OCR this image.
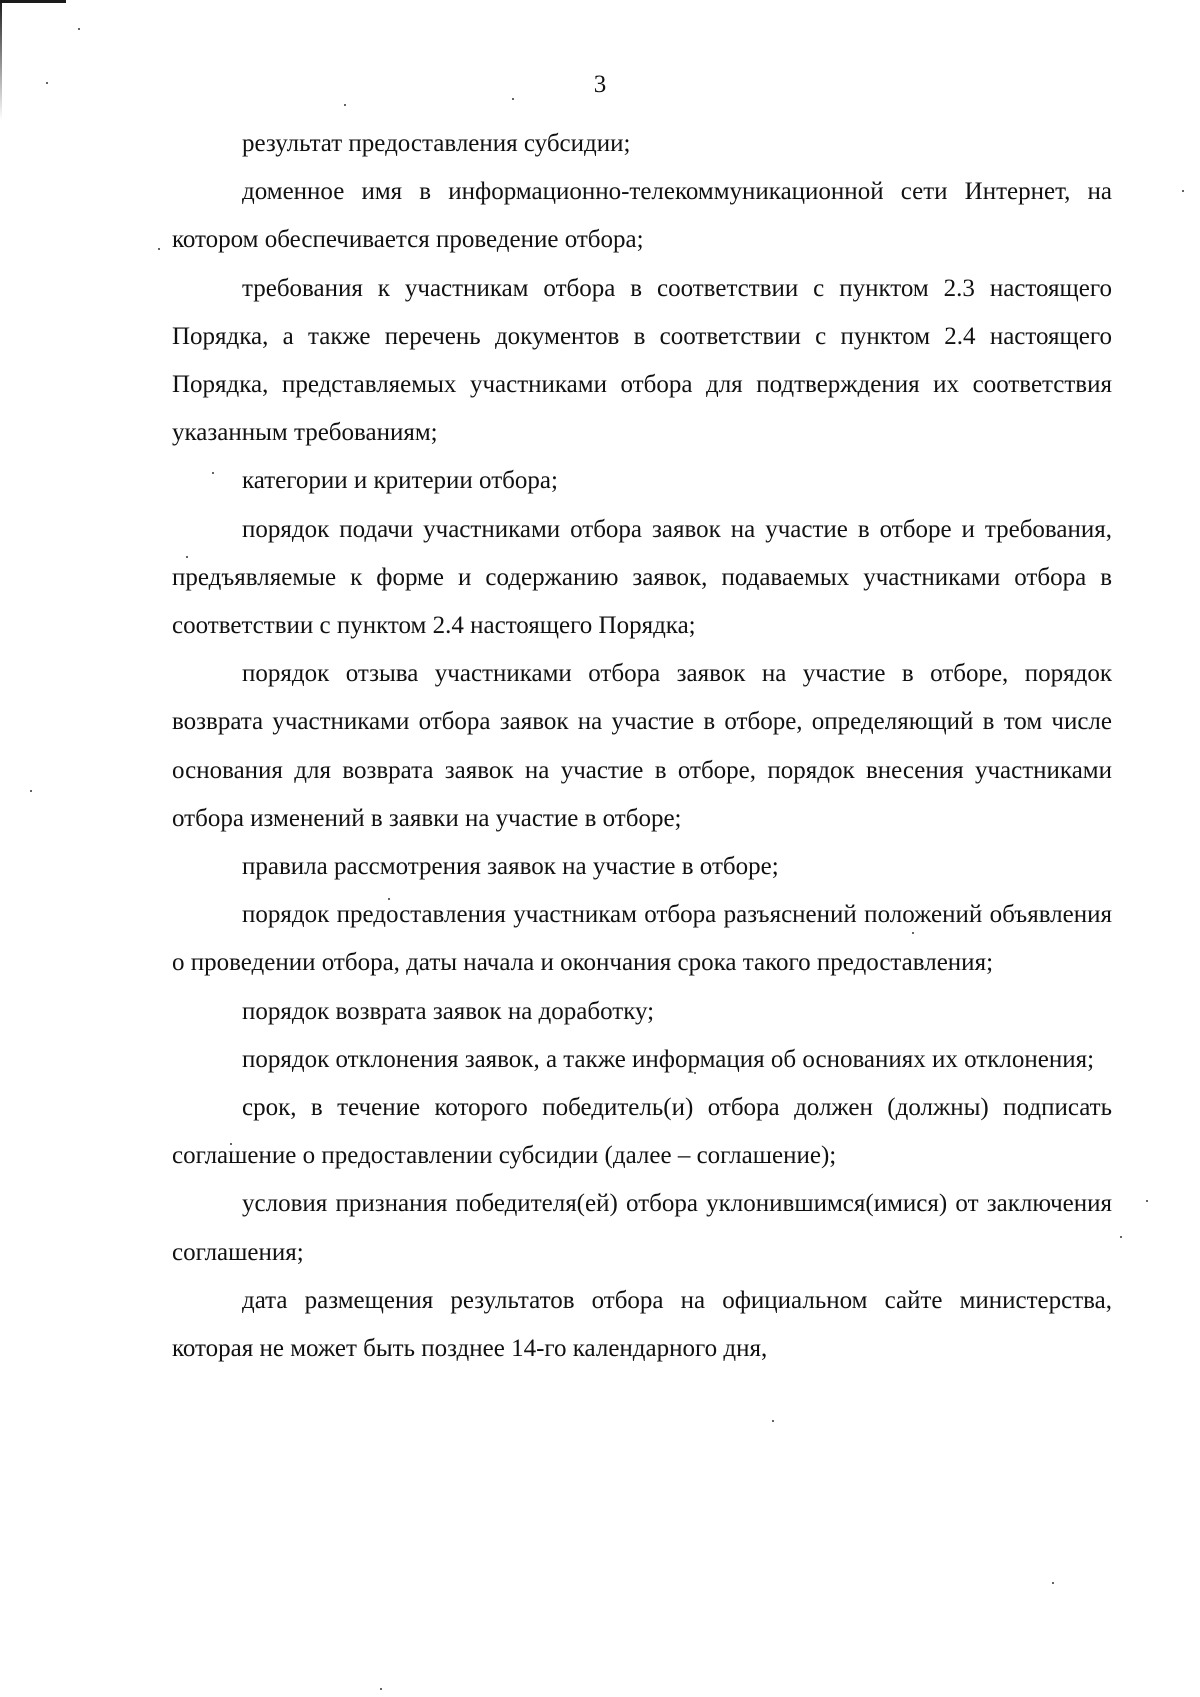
3

результат предоставления субсидии;

доменное имя в информационно-телекоммуникационной сети Интернет, на котором обеспечивается проведение отбора;

требования к участникам отбора в соответствии с пунктом 2.3 настоящего Порядка, а также перечень документов в соответствии с пунктом 2.4 настоящего Порядка, представляемых участниками отбора для подтверждения их соответствия указанным требованиям;

категории и критерии отбора;

порядок подачи участниками отбора заявок на участие в отборе и требования, предъявляемые к форме и содержанию заявок, подаваемых участниками отбора в соответствии с пунктом 2.4 настоящего Порядка;

порядок отзыва участниками отбора заявок на участие в отборе, порядок возврата участниками отбора заявок на участие в отборе, определяющий в том числе основания для возврата заявок на участие в отборе, порядок внесения участниками отбора изменений в заявки на участие в отборе;

правила рассмотрения заявок на участие в отборе;

порядок предоставления участникам отбора разъяснений положений объявления о проведении отбора, даты начала и окончания срока такого предоставления;

порядок возврата заявок на доработку;

порядок отклонения заявок, а также информация об основаниях их отклонения;

срок, в течение которого победитель(и) отбора должен (должны) подписать соглашение о предоставлении субсидии (далее – соглашение);

условия признания победителя(ей) отбора уклонившимся(имися) от заключения соглашения;

дата размещения результатов отбора на официальном сайте министерства, которая не может быть позднее 14-го календарного дня,
